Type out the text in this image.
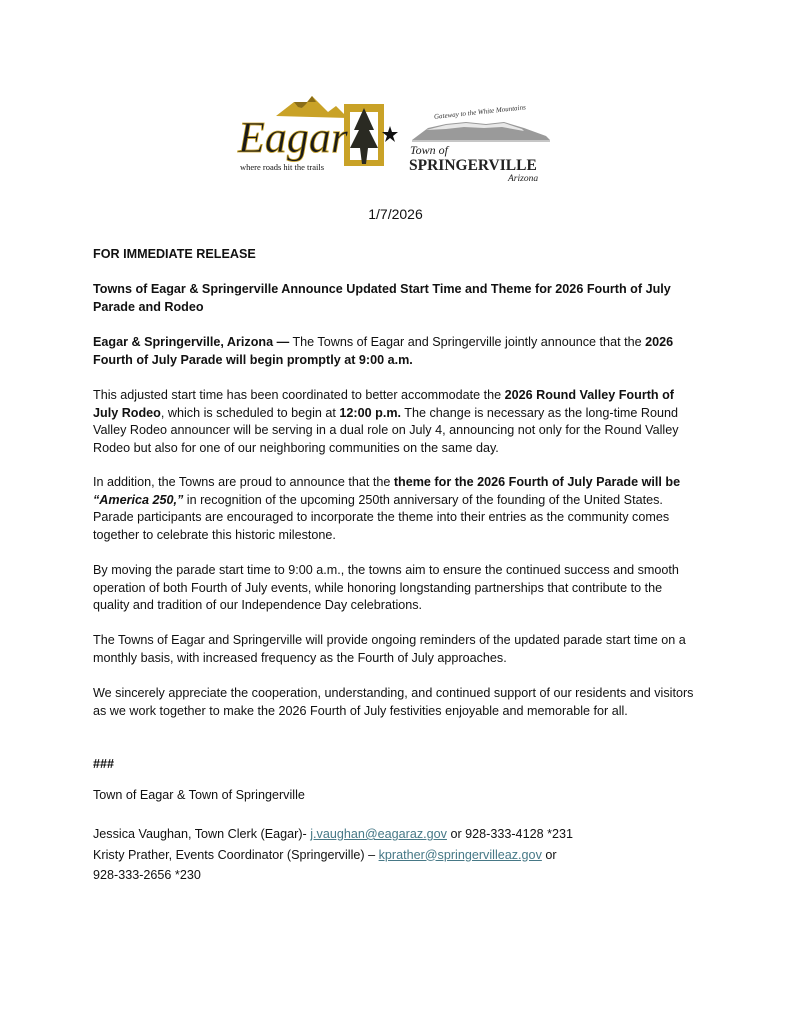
Eagar
where roads hit the trails
Gateway to the White Mountains
Town of
SPRINGERVILLE
Arizona
1/7/2026

FOR IMMEDIATE RELEASE

Towns of Eagar & Springerville Announce Updated Start Time and Theme for 2026 Fourth of July Parade and Rodeo

Eagar & Springerville, Arizona — The Towns of Eagar and Springerville jointly announce that the 2026 Fourth of July Parade will begin promptly at 9:00 a.m.

This adjusted start time has been coordinated to better accommodate the 2026 Round Valley Fourth of July Rodeo, which is scheduled to begin at 12:00 p.m. The change is necessary as the long-time Round Valley Rodeo announcer will be serving in a dual role on July 4, announcing not only for the Round Valley Rodeo but also for one of our neighboring communities on the same day.

In addition, the Towns are proud to announce that the theme for the 2026 Fourth of July Parade will be “America 250,” in recognition of the upcoming 250th anniversary of the founding of the United States. Parade participants are encouraged to incorporate the theme into their entries as the community comes together to celebrate this historic milestone.

By moving the parade start time to 9:00 a.m., the towns aim to ensure the continued success and smooth operation of both Fourth of July events, while honoring longstanding partnerships that contribute to the quality and tradition of our Independence Day celebrations.

The Towns of Eagar and Springerville will provide ongoing reminders of the updated parade start time on a monthly basis, with increased frequency as the Fourth of July approaches.

We sincerely appreciate the cooperation, understanding, and continued support of our residents and visitors as we work together to make the 2026 Fourth of July festivities enjoyable and memorable for all.

###

Town of Eagar & Town of Springerville

Jessica Vaughan, Town Clerk (Eagar)- j.vaughan@eagaraz.gov or 928-333-4128 *231

Kristy Prather, Events Coordinator (Springerville) – kprather@springervilleaz.gov or

928-333-2656 *230
